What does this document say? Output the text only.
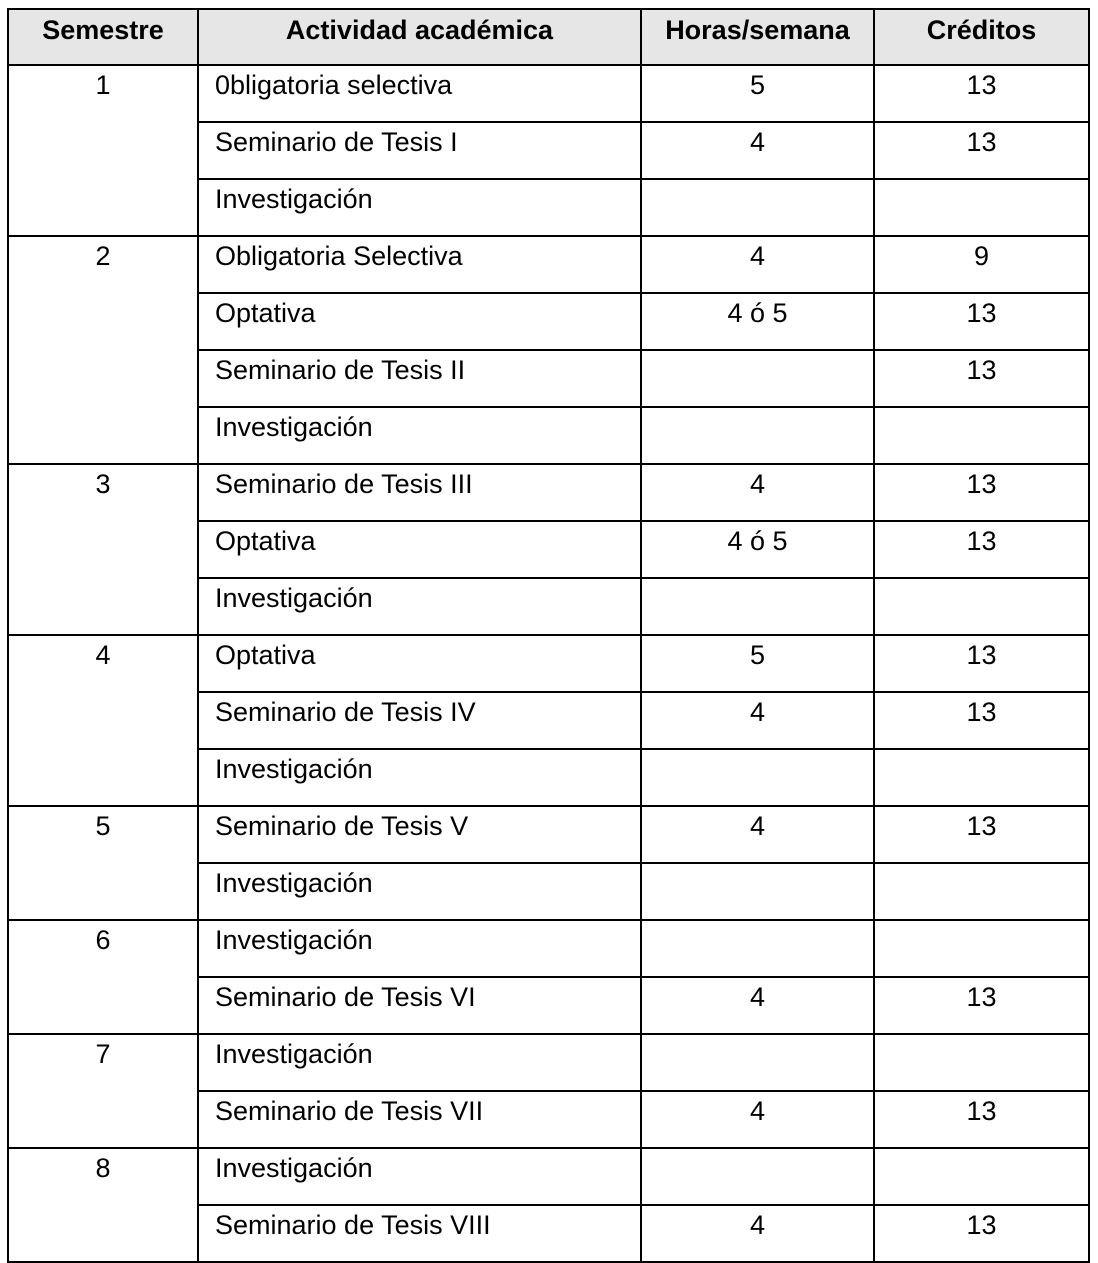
Semestre	Actividad académica	Horas/semana	Créditos
1	0bligatoria selectiva	5	13
	Seminario de Tesis I	4	13
	Investigación		
2	Obligatoria Selectiva	4	9
	Optativa	4 ó 5	13
	Seminario de Tesis II		13
	Investigación		
3	Seminario de Tesis III	4	13
	Optativa	4 ó 5	13
	Investigación		
4	Optativa	5	13
	Seminario de Tesis IV	4	13
	Investigación		
5	Seminario de Tesis V	4	13
	Investigación		
6	Investigación		
	Seminario de Tesis VI	4	13
7	Investigación		
	Seminario de Tesis VII	4	13
8	Investigación		
	Seminario de Tesis VIII	4	13
